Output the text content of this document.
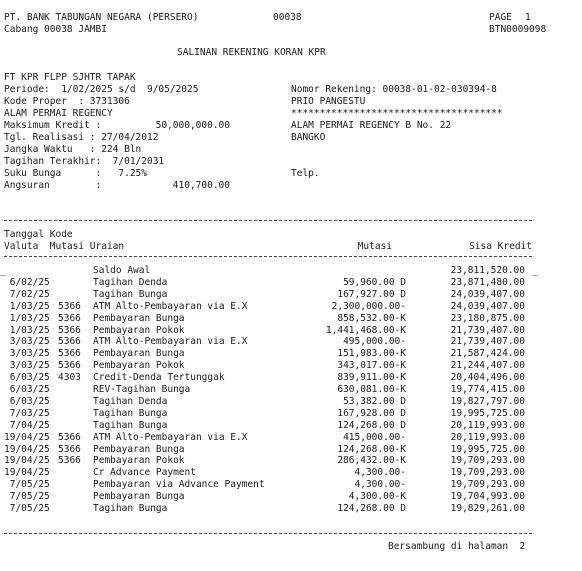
PT. BANK TABUNGAN NEGARA (PERSERO)	00038	PAGE 1
Cabang 00038 JAMBI	BTN0009098
SALINAN REKENING KORAN KPR
FT KPR FLPP SJHTR TAPAK
Periode:  1/02/2025 s/d  9/05/2025
Kode Proper  : 3731306
ALAM PERMAI REGENCY
Maksimum Kredit :	50,000,000.00
Tgl. Realisasi : 27/04/2012
Jangka Waktu   : 224 Bln
Tagihan Terakhir:  7/01/2031
Suku Bunga      :   7.25%
Angsuran        :	410,700.00
Nomor Rekening: 00038-01-02-030394-8
PRIO PANGESTU
*************************************
ALAM PERMAI REGENCY B No. 22
BANGKO
Telp.
Tanggal Kode
Valuta  Mutasi Uraian	Mutasi	Sisa Kredit
Saldo Awal	23,811,520.00
6/02/25	Tagihan Denda	59,960.00 D	23,871,480.00
7/02/25	Tagihan Bunga	167,927.00 D	24,039,407.00
1/03/25 5366 ATM Alto-Pembayaran via E.X	2,300,000.00-	24,039,407.00
1/03/25 5366 Pembayaran Bunga	858,532.00-K	23,180,875.00
1/03/25 5366 Pembayaran Pokok	1,441,468.00-K	21,739,407.00
3/03/25 5366 ATM Alto-Pembayaran via E.X	495,000.00-	21,739,407.00
3/03/25 5366 Pembayaran Bunga	151,983.00-K	21,587,424.00
3/03/25 5366 Pembayaran Pokok	343,017.00-K	21,244,407.00
6/03/25 4303 Credit-Denda Tertunggak	839,911.00-K	20,404,496.00
6/03/25	REV-Tagihan Bunga	630,081.00-K	19,774,415.00
6/03/25	Tagihan Denda	53,382.00 D	19,827,797.00
7/03/25	Tagihan Bunga	167,928.00 D	19,995,725.00
7/04/25	Tagihan Bunga	124,268.00 D	20,119,993.00
19/04/25 5366 ATM Alto-Pembayaran via E.X	415,000.00-	20,119,993.00
19/04/25 5366 Pembayaran Bunga	124,268.00-K	19,995,725.00
19/04/25 5366 Pembayaran Pokok	286,432.00-K	19,709,293.00
19/04/25	Cr Advance Payment	4,300.00-	19,709,293.00
7/05/25	Pembayaran via Advance Payment	4,300.00-	19,709,293.00
7/05/25	Pembayaran Bunga	4,300.00-K	19,704,993.00
7/05/25	Tagihan Bunga	124,268.00 D	19,829,261.00
_	_
Bersambung di halaman  2
